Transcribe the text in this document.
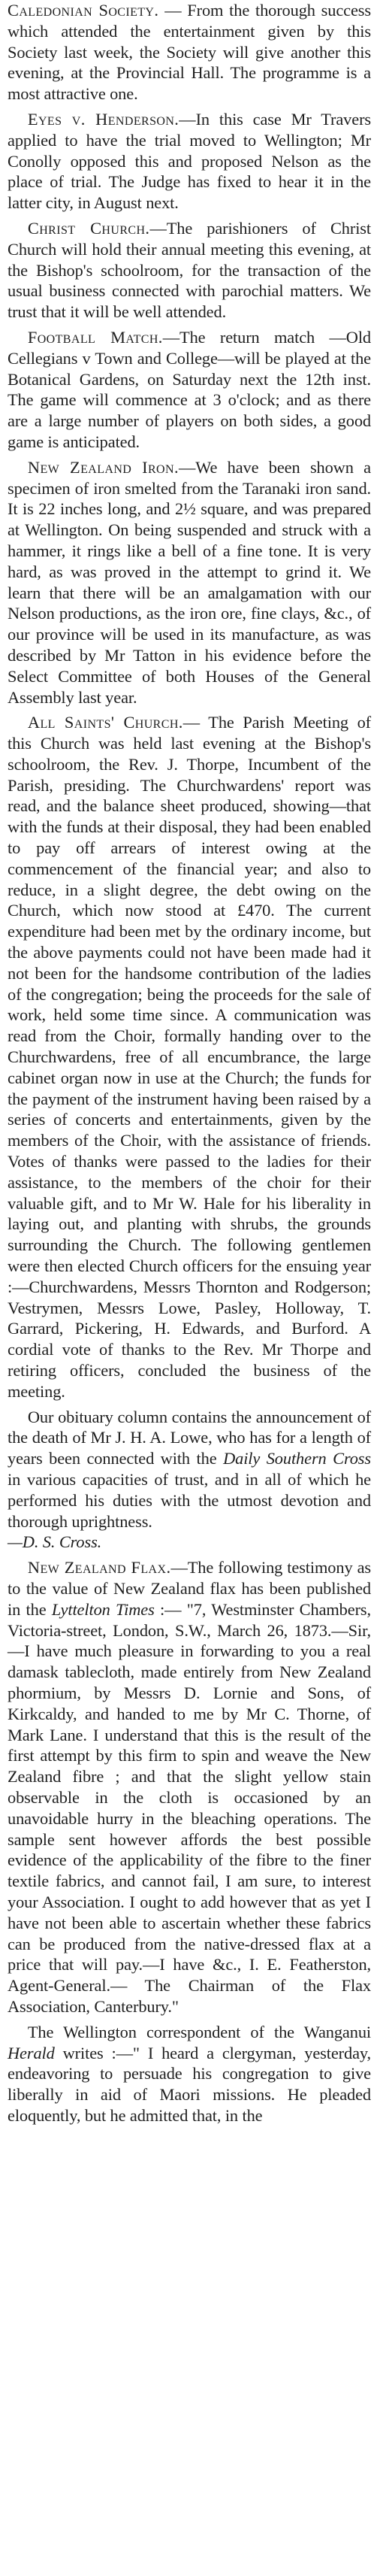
Caledonian Society. — From the thorough success which attended the entertainment given by this Society last week, the Society will give another this evening, at the Provincial Hall. The programme is a most attractive one.

Eyes v. Henderson.—In this case Mr Travers applied to have the trial moved to Wellington; Mr Conolly opposed this and proposed Nelson as the place of trial. The Judge has fixed to hear it in the latter city, in August next.

Christ Church.—The parishioners of Christ Church will hold their annual meeting this evening, at the Bishop's schoolroom, for the transaction of the usual business connected with parochial matters. We trust that it will be well attended.

Football Match.—The return match —Old Cellegians v Town and College—will be played at the Botanical Gardens, on Saturday next the 12th inst. The game will commence at 3 o'clock; and as there are a large number of players on both sides, a good game is anticipated.

New Zealand Iron.—We have been shown a specimen of iron smelted from the Taranaki iron sand. It is 22 inches long, and 2½ square, and was prepared at Wellington. On being suspended and struck with a hammer, it rings like a bell of a fine tone. It is very hard, as was proved in the attempt to grind it. We learn that there will be an amalgamation with our Nelson productions, as the iron ore, fine clays, &c., of our province will be used in its manufacture, as was described by Mr Tatton in his evidence before the Select Committee of both Houses of the General Assembly last year.

All Saints' Church.— The Parish Meeting of this Church was held last evening at the Bishop's schoolroom, the Rev. J. Thorpe, Incumbent of the Parish, presiding. The Churchwardens' report was read, and the balance sheet produced, showing—that with the funds at their disposal, they had been enabled to pay off arrears of interest owing at the commencement of the financial year; and also to reduce, in a slight degree, the debt owing on the Church, which now stood at £470. The current expenditure had been met by the ordinary income, but the above payments could not have been made had it not been for the handsome contribution of the ladies of the congregation; being the proceeds for the sale of work, held some time since. A communication was read from the Choir, formally handing over to the Churchwardens, free of all encumbrance, the large cabinet organ now in use at the Church; the funds for the payment of the instrument having been raised by a series of concerts and entertainments, given by the members of the Choir, with the assistance of friends. Votes of thanks were passed to the ladies for their assistance, to the members of the choir for their valuable gift, and to Mr W. Hale for his liberality in laying out, and planting with shrubs, the grounds surrounding the Church. The following gentlemen were then elected Church officers for the ensuing year :—Churchwardens, Messrs Thornton and Rodgerson; Vestrymen, Messrs Lowe, Pasley, Holloway, T. Garrard, Pickering, H. Edwards, and Burford. A cordial vote of thanks to the Rev. Mr Thorpe and retiring officers, concluded the business of the meeting.

Our obituary column contains the announcement of the death of Mr J. H. A. Lowe, who has for a length of years been connected with the Daily Southern Cross in various capacities of trust, and in all of which he performed his duties with the utmost devotion and thorough uprightness.
—D. S. Cross.

New Zealand Flax.—The following testimony as to the value of New Zealand flax has been published in the Lyttelton Times :— "7, Westminster Chambers, Victoria-street, London, S.W., March 26, 1873.—Sir,—I have much pleasure in forwarding to you a real damask tablecloth, made entirely from New Zealand phormium, by Messrs D. Lornie and Sons, of Kirkcaldy, and handed to me by Mr C. Thorne, of Mark Lane. I understand that this is the result of the first attempt by this firm to spin and weave the New Zealand fibre ; and that the slight yellow stain observable in the cloth is occasioned by an unavoidable hurry in the bleaching operations. The sample sent however affords the best possible evidence of the applicability of the fibre to the finer textile fabrics, and cannot fail, I am sure, to interest your Association. I ought to add however that as yet I have not been able to ascertain whether these fabrics can be produced from the native-dressed flax at a price that will pay.—I have &c., I. E. Featherston, Agent-General.— The Chairman of the Flax Association, Canterbury."

The Wellington correspondent of the Wanganui Herald writes :—" I heard a clergyman, yesterday, endeavoring to persuade his congregation to give liberally in aid of Maori missions. He pleaded eloquently, but he admitted that, in the
